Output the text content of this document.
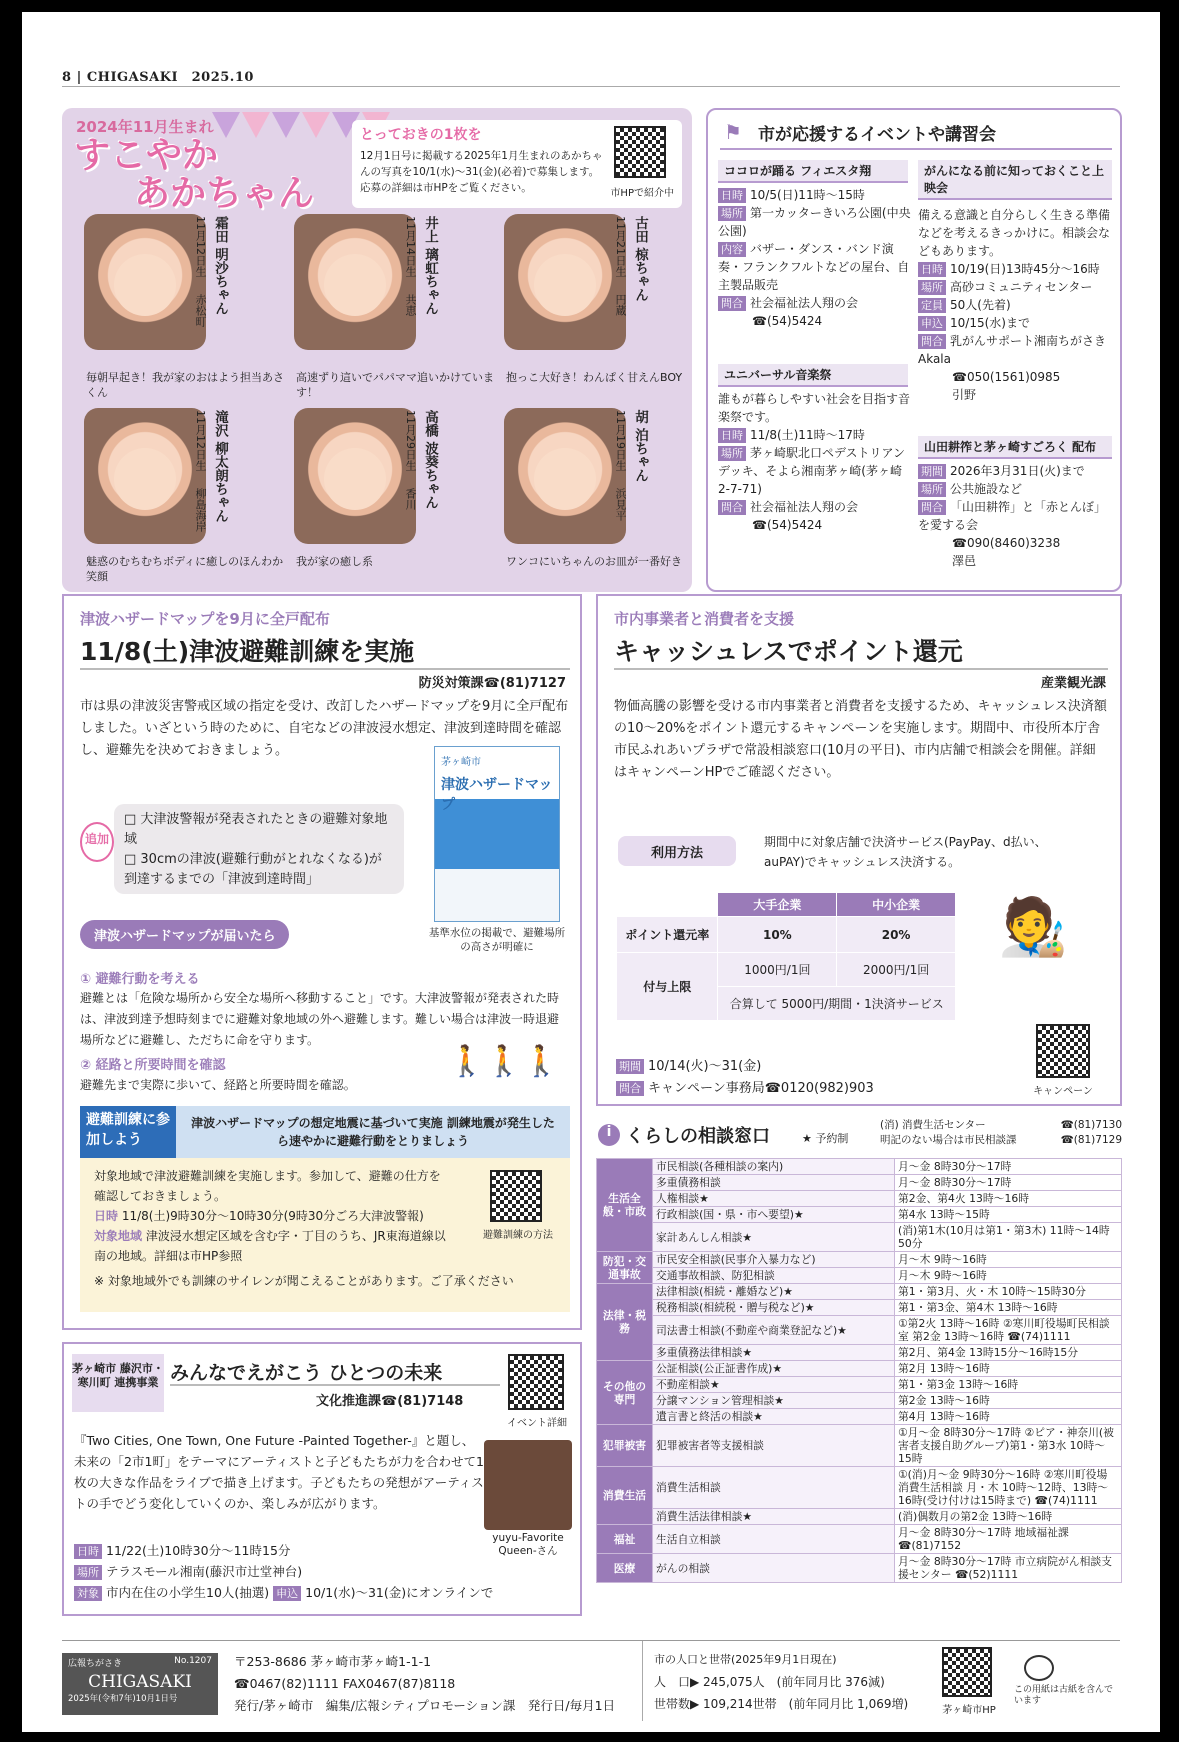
8 | CHIGASAKI　 2025.10
2024年11月生まれ
すこやか
あかちゃん
とっておきの1枚を
12月1日号に掲載する2025年1月生まれのあかちゃんの写真を10/1(水)～31(金)(必着)で募集します。応募の詳細は市HPをご覧ください。	市HPで紹介中
霜田 明沙ちゃん
11月12日生
赤松町
毎朝早起き！我が家のおはよう担当あさくん
井上 璃虹ちゃん
11月14日生
共恵
高速ずり這いでパパママ追いかけています！
古田 椋ちゃん
11月21日生
円蔵
抱っこ大好き！わんぱく甘えんBOY
滝沢 柳太朗ちゃん
11月12日生
柳島海岸
魅惑のむちむちボディに癒しのほんわか笑顔
高橋 波葵ちゃん
11月29日生
香川
我が家の癒し系
胡 泊ちゃん
11月19日生
浜見平
ワンコにいちゃんのお皿が一番好き
⚑ 市が応援するイベントや講習会
ココロが踊る フィエスタ翔
日時 10/5(日)11時～15時
場所 第一カッターきいろ公園(中央公園)
内容 バザー・ダンス・バンド演奏・フランクフルトなどの屋台、自主製品販売
問合 社会福祉法人翔の会
☎(54)5424
ユニバーサル音楽祭
誰もが暮らしやすい社会を目指す音楽祭です。
日時 11/8(土)11時～17時
場所 茅ヶ崎駅北口ペデストリアンデッキ、そよら湘南茅ヶ崎(茅ヶ崎2-7-71)
問合 社会福祉法人翔の会
☎(54)5424
がんになる前に知っておくこと上映会
備える意識と自分らしく生きる準備などを考えるきっかけに。相談会などもあります。
日時 10/19(日)13時45分～16時
場所 高砂コミュニティセンター
定員 50人(先着)
申込 10/15(水)まで
問合 乳がんサポート湘南ちがさきAkala
☎050(1561)0985
引野
山田耕筰と茅ヶ崎すごろく 配布
期間 2026年3月31日(火)まで
場所 公共施設など
問合 「山田耕筰」と「赤とんぼ」を愛する会
☎090(8460)3238
澤邑
津波ハザードマップを9月に全戸配布
11/8(土)津波避難訓練を実施
防災対策課☎(81)7127
市は県の津波災害警戒区域の指定を受け、改訂したハザードマップを9月に全戸配布しました。いざという時のために、自宅などの津波浸水想定、津波到達時間を確認し、避難先を決めておきましょう。
追加
□ 大津波警報が発表されたときの避難対象地域
□ 30cmの津波(避難行動がとれなくなる)が到達するまでの「津波到達時間」
茅ヶ崎市
津波ハザードマップ
基準水位の掲載で、避難場所の高さが明確に
津波ハザードマップが届いたら
① 避難行動を考える
避難とは「危険な場所から安全な場所へ移動すること」です。大津波警報が発表された時は、津波到達予想時刻までに避難対象地域の外へ避難します。難しい場合は津波一時退避場所などに避難し、ただちに命を守ります。
② 経路と所要時間を確認
避難先まで実際に歩いて、経路と所要時間を確認。
🚶🚶🚶
避難訓練に参加しよう
津波ハザードマップの想定地震に基づいて実施 訓練地震が発生したら速やかに避難行動をとりましょう
対象地域で津波避難訓練を実施します。参加して、避難の仕方を確認しておきましょう。
日時 11/8(土)9時30分～10時30分(9時30分ごろ大津波警報)
対象地域 津波浸水想定区域を含む字・丁目のうち、JR東海道線以南の地域。詳細は市HP参照
※ 対象地域外でも訓練のサイレンが聞こえることがあります。ご了承ください
避難訓練の方法
市内事業者と消費者を支援
キャッシュレスでポイント還元
産業観光課
物価高騰の影響を受ける市内事業者と消費者を支援するため、キャッシュレス決済額の10～20%をポイント還元するキャンペーンを実施します。期間中、市役所本庁舎市民ふれあいプラザで常設相談窓口(10月の平日)、市内店舗で相談会を開催。詳細はキャンペーンHPでご確認ください。
利用方法
期間中に対象店舗で決済サービス(PayPay、d払い、auPAY)でキャッシュレス決済する。
	大手企業	中小企業
ポイント還元率	10%	20%
付与上限	1000円/1回	2000円/1回
	合算して 5000円/期間・1決済サービス	
🧑‍🎨
期間 10/14(火)～31(金)
問合 キャンペーン事務局☎0120(982)903	キャンペーン
i くらしの相談窓口	★ 予約制
(消) 消費生活センター	☎(81)7130
明記のない場合は市民相談課	☎(81)7129
生活全般・市政	市民相談(各種相談の案内)	月～金 8時30分～17時
	多重債務相談	月～金 8時30分～17時
	人権相談★	第2金、第4火 13時～16時
	行政相談(国・県・市へ要望)★	第4水 13時～15時
	家計あんしん相談★	(消)第1木(10月は第1・第3木) 11時～14時50分
防犯・交通事故	市民安全相談(民事介入暴力など)	月～木 9時～16時
	交通事故相談、防犯相談	月～木 9時～16時
法律・税務	法律相談(相続・離婚など)★	第1・第3月、火・木 10時～15時30分
	税務相談(相続税・贈与税など)★	第1・第3金、第4木 13時～16時
	司法書士相談(不動産や商業登記など)★	①第2火 13時～16時 ②寒川町役場町民相談室 第2金 13時～16時 ☎(74)1111
	多重債務法律相談★	第2月、第4金 13時15分～16時15分
その他の専門	公証相談(公正証書作成)★	第2月 13時～16時
	不動産相談★	第1・第3金 13時～16時
	分譲マンション管理相談★	第2金 13時～16時
	遺言書と終活の相談★	第4月 13時～16時
犯罪被害	犯罪被害者等支援相談	①月～金 8時30分～17時 ②ピア・神奈川(被害者支援自助グループ)第1・第3水 10時～15時
消費生活	消費生活相談	①(消)月～金 9時30分～16時 ②寒川町役場消費生活相談 月・木 10時～12時、13時～16時(受け付けは15時まで) ☎(74)1111
	消費生活法律相談★	(消)偶数月の第2金 13時～16時
福祉	生活自立相談	月～金 8時30分～17時 地域福祉課 ☎(81)7152
医療	がんの相談	月～金 8時30分～17時 市立病院がん相談支援センター ☎(52)1111
茅ヶ崎市 藤沢市・寒川町 連携事業 みんなでえがこう ひとつの未来
文化推進課☎(81)7148
イベント詳細
『Two Cities, One Town, One Future -Painted Together-』と題し、未来の「2市1町」をテーマにアーティストと子どもたちが力を合わせて1枚の大きな作品をライブで描き上げます。子どもたちの発想がアーティストの手でどう変化していくのか、楽しみが広がります。
yuyu-Favorite Queen-さん
日時 11/22(土)10時30分～11時15分
場所 テラスモール湘南(藤沢市辻堂神台)
対象 市内在住の小学生10人(抽選) 申込 10/1(水)～31(金)にオンラインで
広報ちがさき	No.1207
CHIGASAKI
2025年(令和7年)10月1日号
〒253-8686 茅ヶ崎市茅ヶ崎1-1-1
☎0467(82)1111 FAX0467(87)8118
発行/茅ヶ崎市　編集/広報シティプロモーション課　発行日/毎月1日
市の人口と世帯(2025年9月1日現在)
人　口▶ 245,075人　(前年同月比 376減)
世帯数▶ 109,214世帯　(前年同月比 1,069増)	茅ヶ崎市HP
この用紙は古紙を含んでいます
